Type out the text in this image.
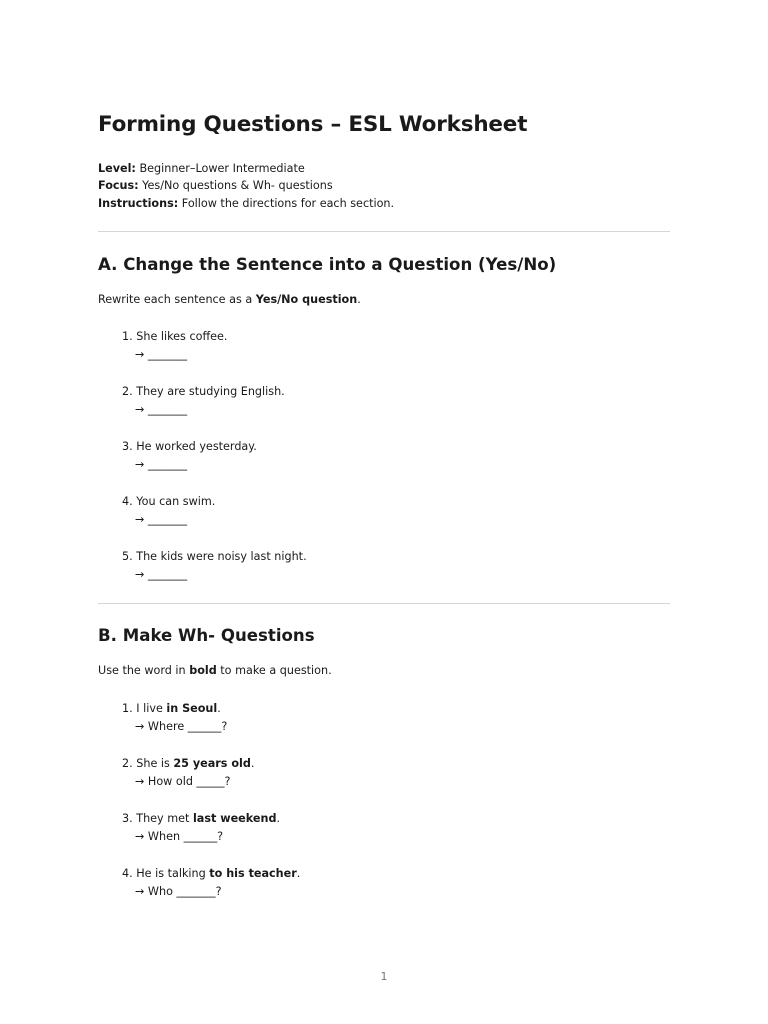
Forming Questions – ESL Worksheet
Level: Beginner–Lower Intermediate
Focus: Yes/No questions & Wh- questions
Instructions: Follow the directions for each section.
A. Change the Sentence into a Question (Yes/No)
Rewrite each sentence as a Yes/No question.
1. She likes coffee.
→ _______
2. They are studying English.
→ _______
3. He worked yesterday.
→ _______
4. You can swim.
→ _______
5. The kids were noisy last night.
→ _______
B. Make Wh- Questions
Use the word in bold to make a question.
1. I live in Seoul.
→ Where ______?
2. She is 25 years old.
→ How old _____?
3. They met last weekend.
→ When ______?
4. He is talking to his teacher.
→ Who _______?
1
